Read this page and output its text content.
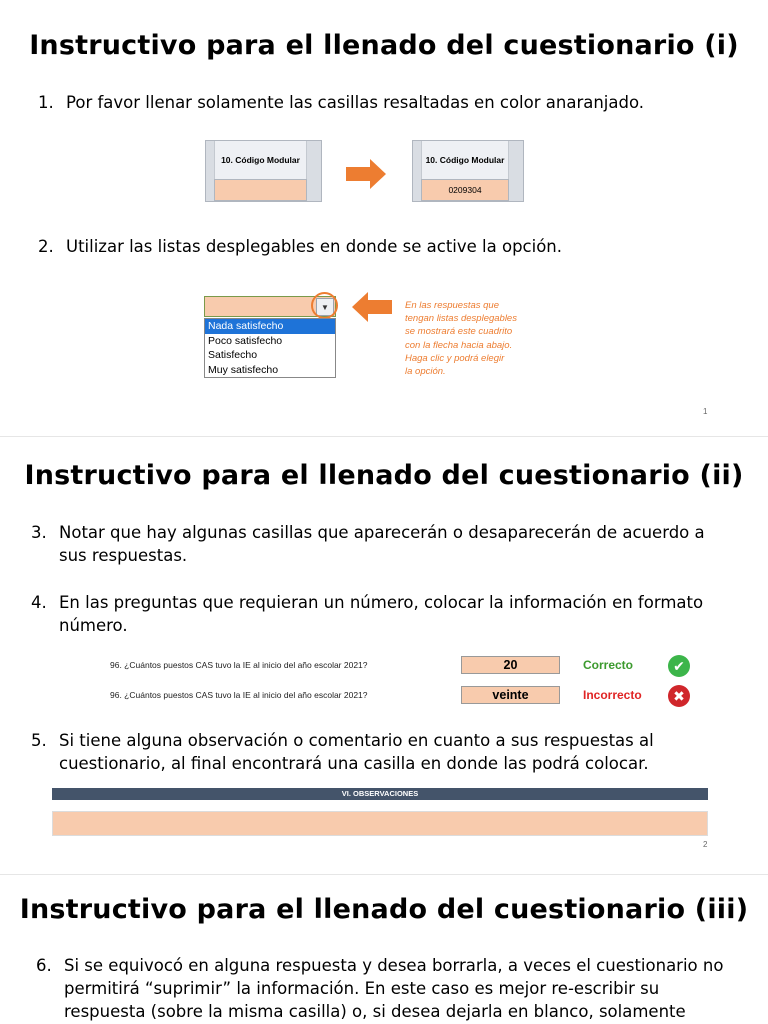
Instructivo para el llenado del cuestionario (i)
1. Por favor llenar solamente las casillas resaltadas en color anaranjado.
10. Código Modular	10. Código Modular
0209304
2. Utilizar las listas desplegables en donde se active la opción.
▼
Nada satisfecho
Poco satisfecho
Satisfecho
Muy satisfecho
En las respuestas que
tengan listas desplegables
se mostrará este cuadrito
con la flecha hacia abajo.
Haga clic y podrá elegir
la opción.
1
Instructivo para el llenado del cuestionario (ii)
3. Notar que hay algunas casillas que aparecerán o desaparecerán de acuerdo a sus respuestas.
4. En las preguntas que requieran un número, colocar la información en formato número.
96. ¿Cuántos puestos CAS tuvo la IE al inicio del año escolar 2021?	20	Correcto	✔
96. ¿Cuántos puestos CAS tuvo la IE al inicio del año escolar 2021?	veinte	Incorrecto	✖
5. Si tiene alguna observación o comentario en cuanto a sus respuestas al cuestionario, al final encontrará una casilla en donde las podrá colocar.
VI. OBSERVACIONES
2
Instructivo para el llenado del cuestionario (iii)
6. Si se equivocó en alguna respuesta y desea borrarla, a veces el cuestionario no permitirá “suprimir” la información. En este caso es mejor re-escribir su respuesta (sobre la misma casilla) o, si desea dejarla en blanco, solamente
